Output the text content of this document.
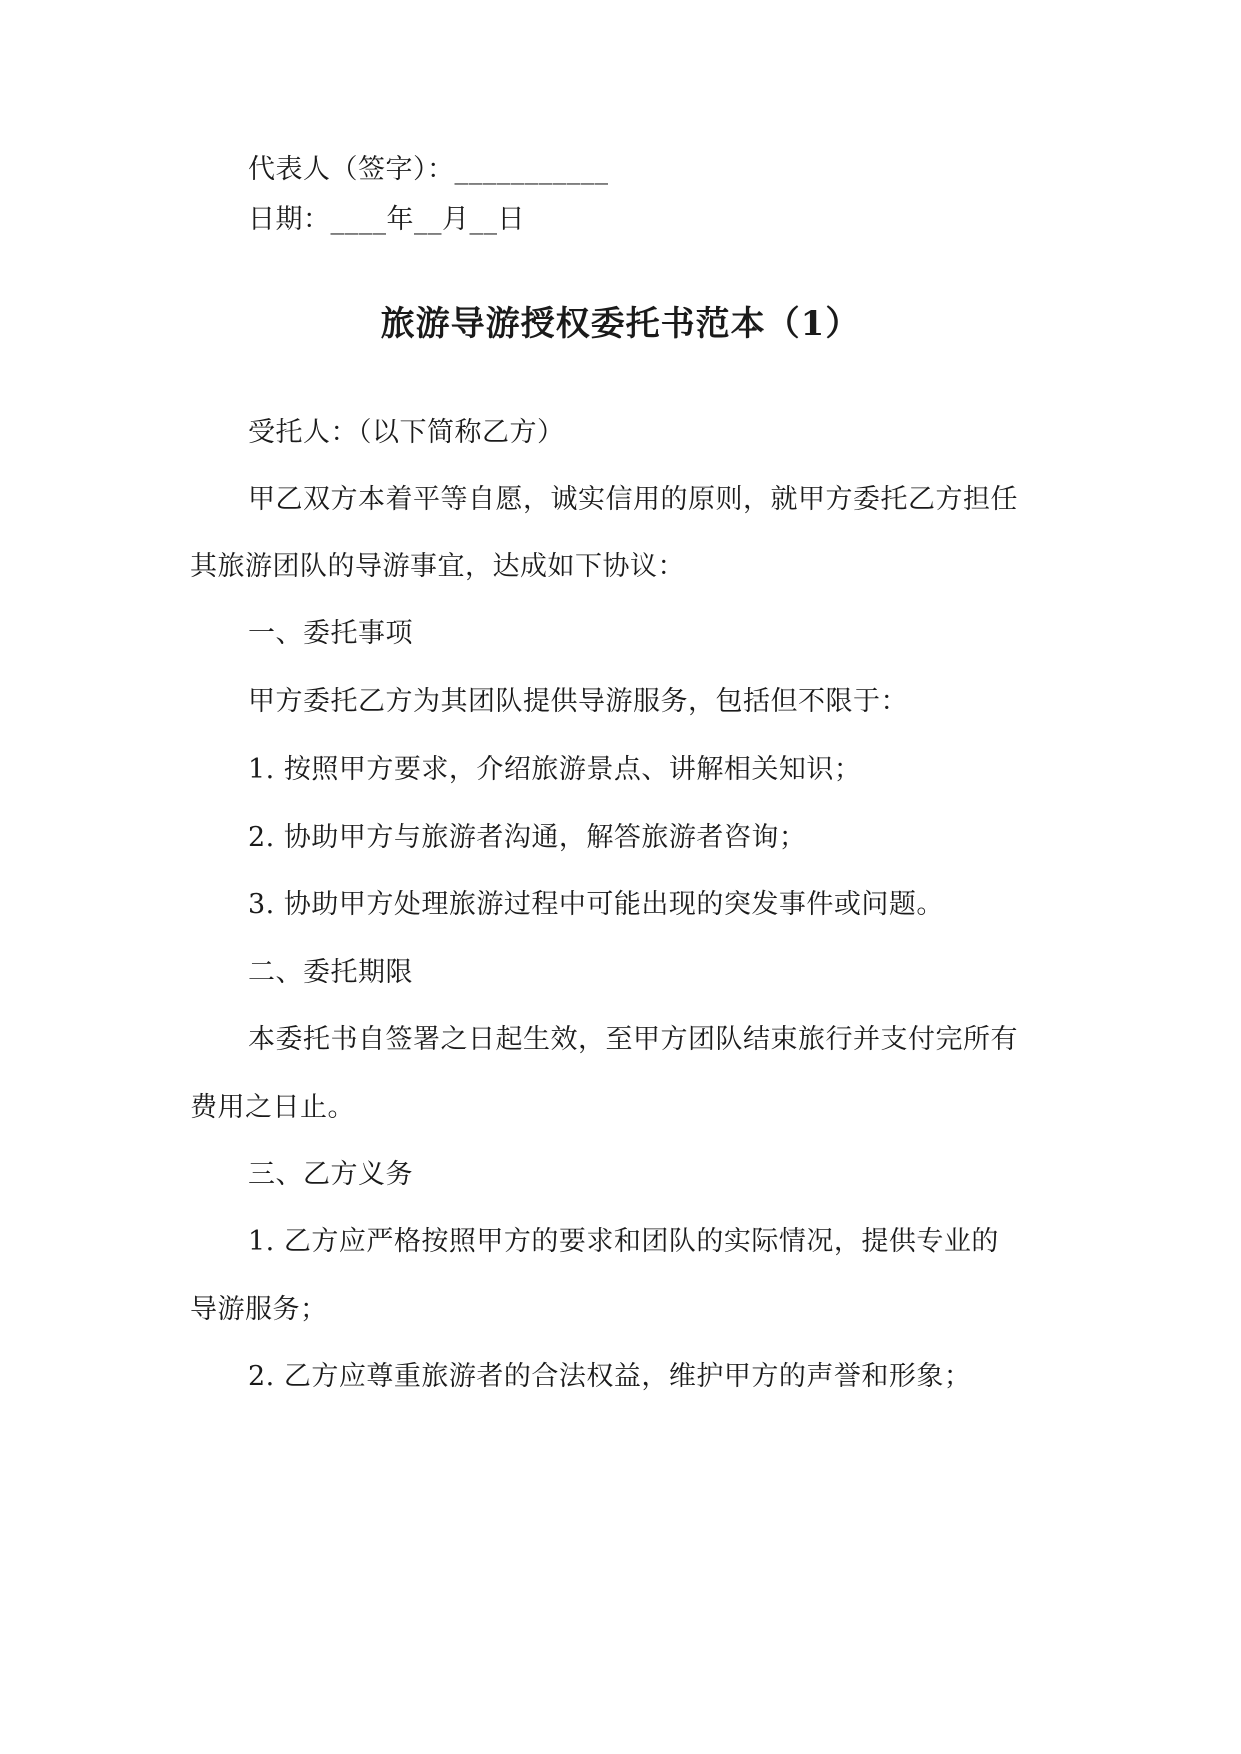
代表人（签字）：___________
日期：____年__月__日
旅游导游授权委托书范本（1）
受托人：（以下简称乙方）
甲乙双方本着平等自愿，诚实信用的原则，就甲方委托乙方担任
其旅游团队的导游事宜，达成如下协议：
一、委托事项
甲方委托乙方为其团队提供导游服务，包括但不限于：
1. 按照甲方要求，介绍旅游景点、讲解相关知识；
2. 协助甲方与旅游者沟通，解答旅游者咨询；
3. 协助甲方处理旅游过程中可能出现的突发事件或问题。
二、委托期限
本委托书自签署之日起生效，至甲方团队结束旅行并支付完所有
费用之日止。
三、乙方义务
1. 乙方应严格按照甲方的要求和团队的实际情况，提供专业的
导游服务；
2. 乙方应尊重旅游者的合法权益，维护甲方的声誉和形象；
